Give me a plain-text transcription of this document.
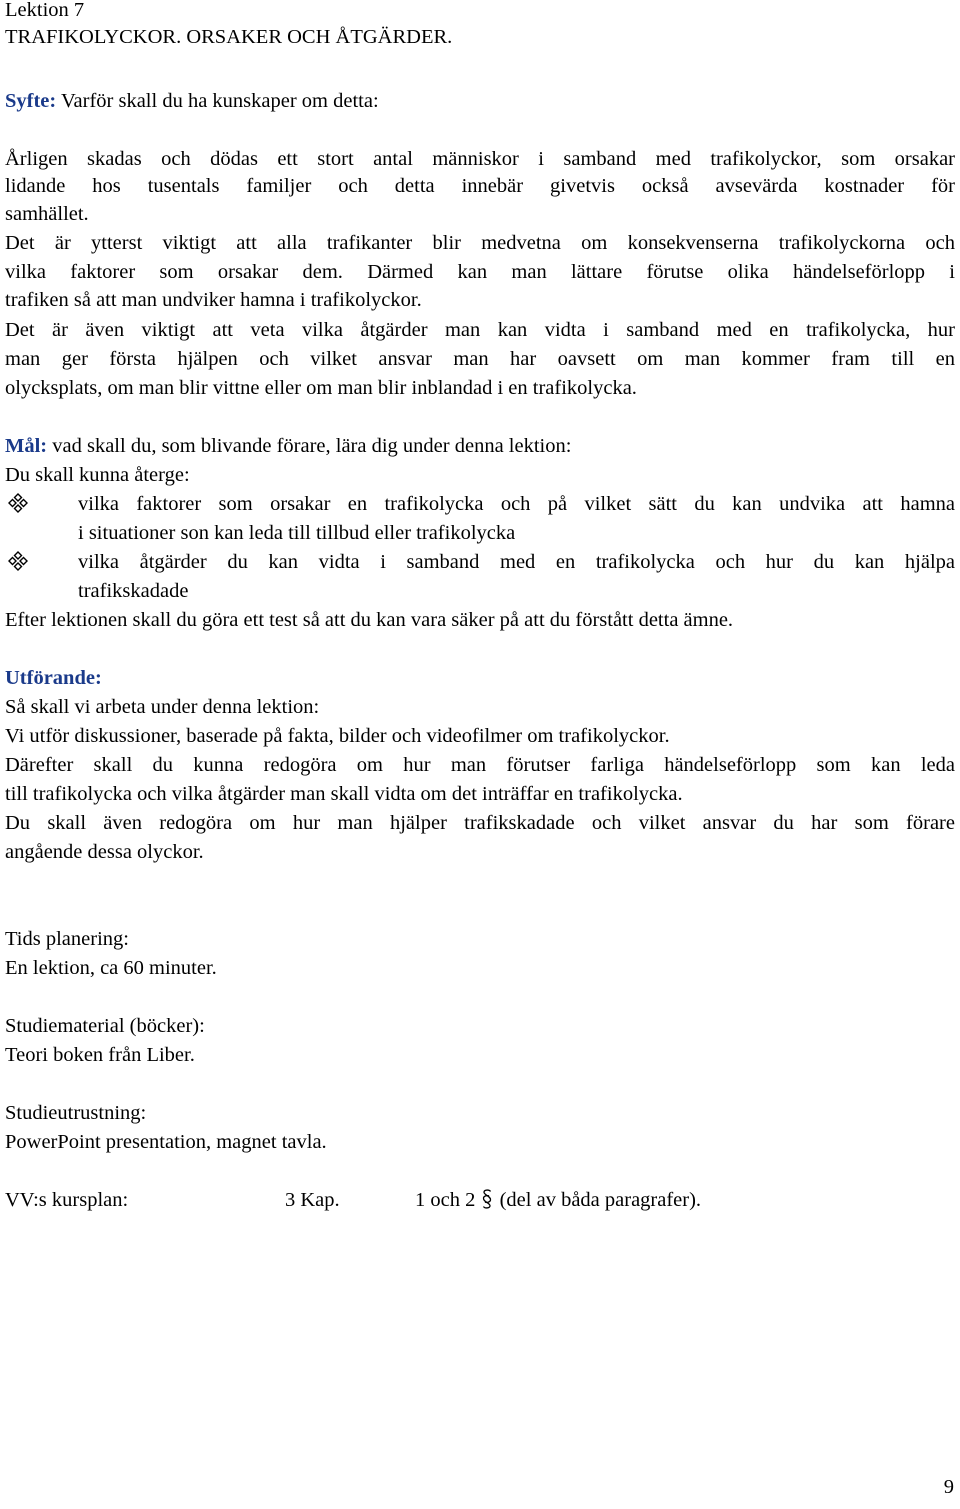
Lektion 7
TRAFIKOLYCKOR. ORSAKER OCH ÅTGÄRDER.
Syfte: Varför skall du ha kunskaper om detta:
Årligen skadas och dödas ett stort antal människor i samband med trafikolyckor, som orsakar
lidande hos tusentals familjer och detta innebär givetvis också avsevärda kostnader för
samhället.
Det är ytterst viktigt att alla trafikanter blir medvetna om konsekvenserna trafikolyckorna och
vilka faktorer som orsakar dem. Därmed kan man lättare förutse olika händelseförlopp i
trafiken så att man undviker hamna i trafikolyckor.
Det är även viktigt att veta vilka åtgärder man kan vidta i samband med en trafikolycka, hur
man ger första hjälpen och vilket ansvar man har oavsett om man kommer fram till en
olycksplats, om man blir vittne eller om man blir inblandad i en trafikolycka.
Mål: vad skall du, som blivande förare, lära dig under denna lektion:
Du skall kunna återge:
vilka faktorer som orsakar en trafikolycka och på vilket sätt du kan undvika att hamna
i situationer son kan leda till tillbud eller trafikolycka
vilka åtgärder du kan vidta i samband med en trafikolycka och hur du kan hjälpa
trafikskadade
Efter lektionen skall du göra ett test så att du kan vara säker på att du förstått detta ämne.
Utförande:
Så skall vi arbeta under denna lektion:
Vi utför diskussioner, baserade på fakta, bilder och videofilmer om trafikolyckor.
Därefter skall du kunna redogöra om hur man förutser farliga händelseförlopp som kan leda
till trafikolycka och vilka åtgärder man skall vidta om det inträffar en trafikolycka.
Du skall även redogöra om hur man hjälper trafikskadade och vilket ansvar du har som förare
angående dessa olyckor.
Tids planering:
En lektion, ca 60 minuter.
Studiematerial (böcker):
Teori boken från Liber.
Studieutrustning:
PowerPoint presentation, magnet tavla.
VV:s kursplan:	3 Kap.	1 och 2 (del av båda paragrafer).
9
